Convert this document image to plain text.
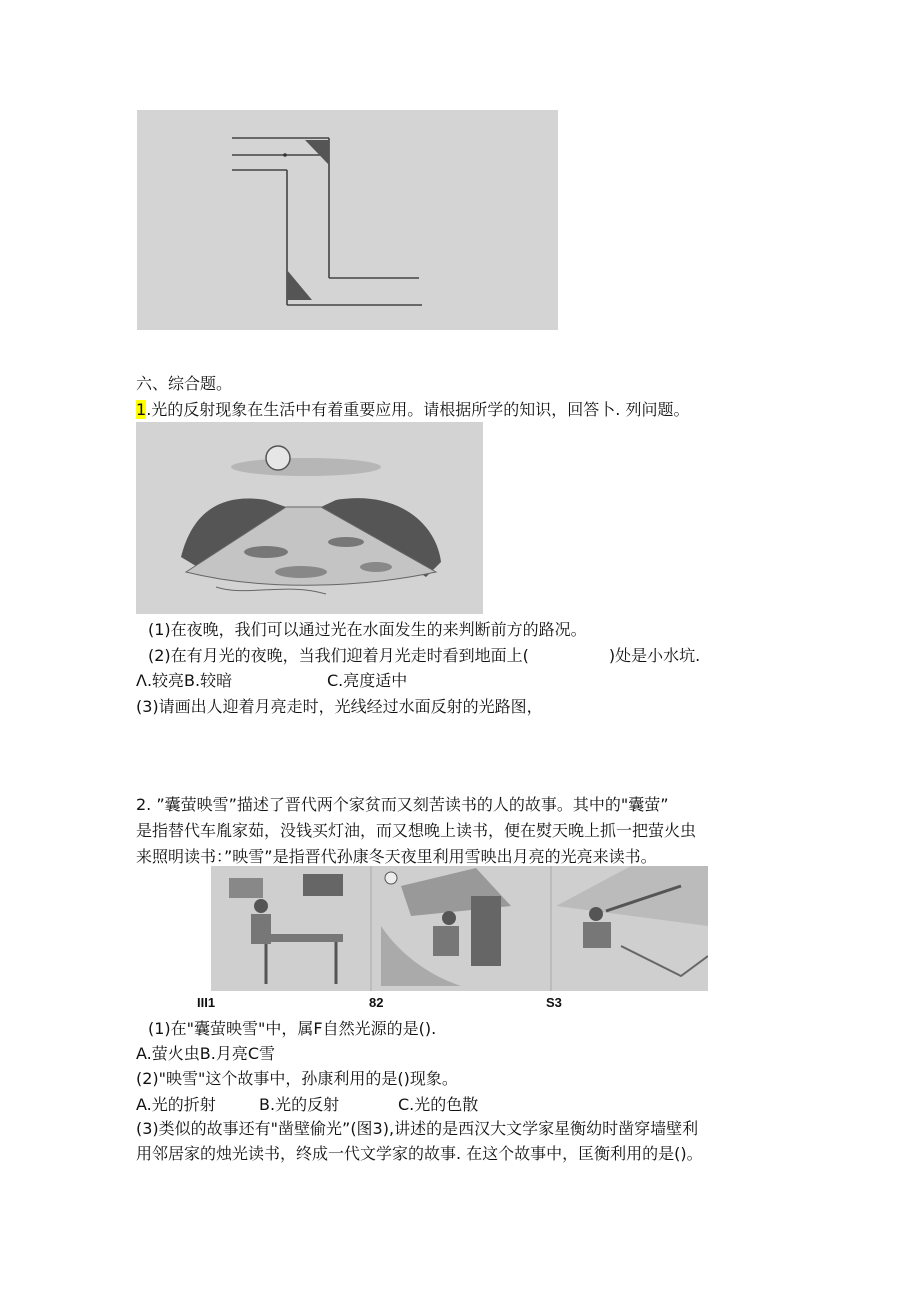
六、综合题。
1.光的反射现象在生活中有着重要应用。请根据所学的知识，回答卜. 列问题。
(1)在夜晚，我们可以通过光在水面发生的来判断前方的路况。
(2)在有月光的夜晚，当我们迎着月光走时看到地面上(　　　　　)处是小水坑.
Λ.较亮B.较暗	C.亮度适中
(3)请画出人迎着月亮走时，光线经过水面反射的光路图，
2. ”囊萤映雪”描述了晋代两个家贫而又刻苦读书的人的故事。其中的"囊萤”
是指替代车胤家茹，没钱买灯油，而又想晚上读书，便在熨天晚上抓一把萤火虫
来照明读书：”映雪”是指晋代孙康冬天夜里利用雪映出月亮的光亮来读书。
III1	82	S3
(1)在"囊萤映雪"中，属F自然光源的是().
A.萤火虫B.月亮C雪
(2)"映雪"这个故事中，孙康利用的是()现象。
A.光的折射	B.光的反射	C.光的色散
(3)类似的故事还有"凿壁偷光”(图3),讲述的是西汉大文学家星衡幼时凿穿墙壁利
用邻居家的烛光读书，终成一代文学家的故事. 在这个故事中，匡衡利用的是()。
